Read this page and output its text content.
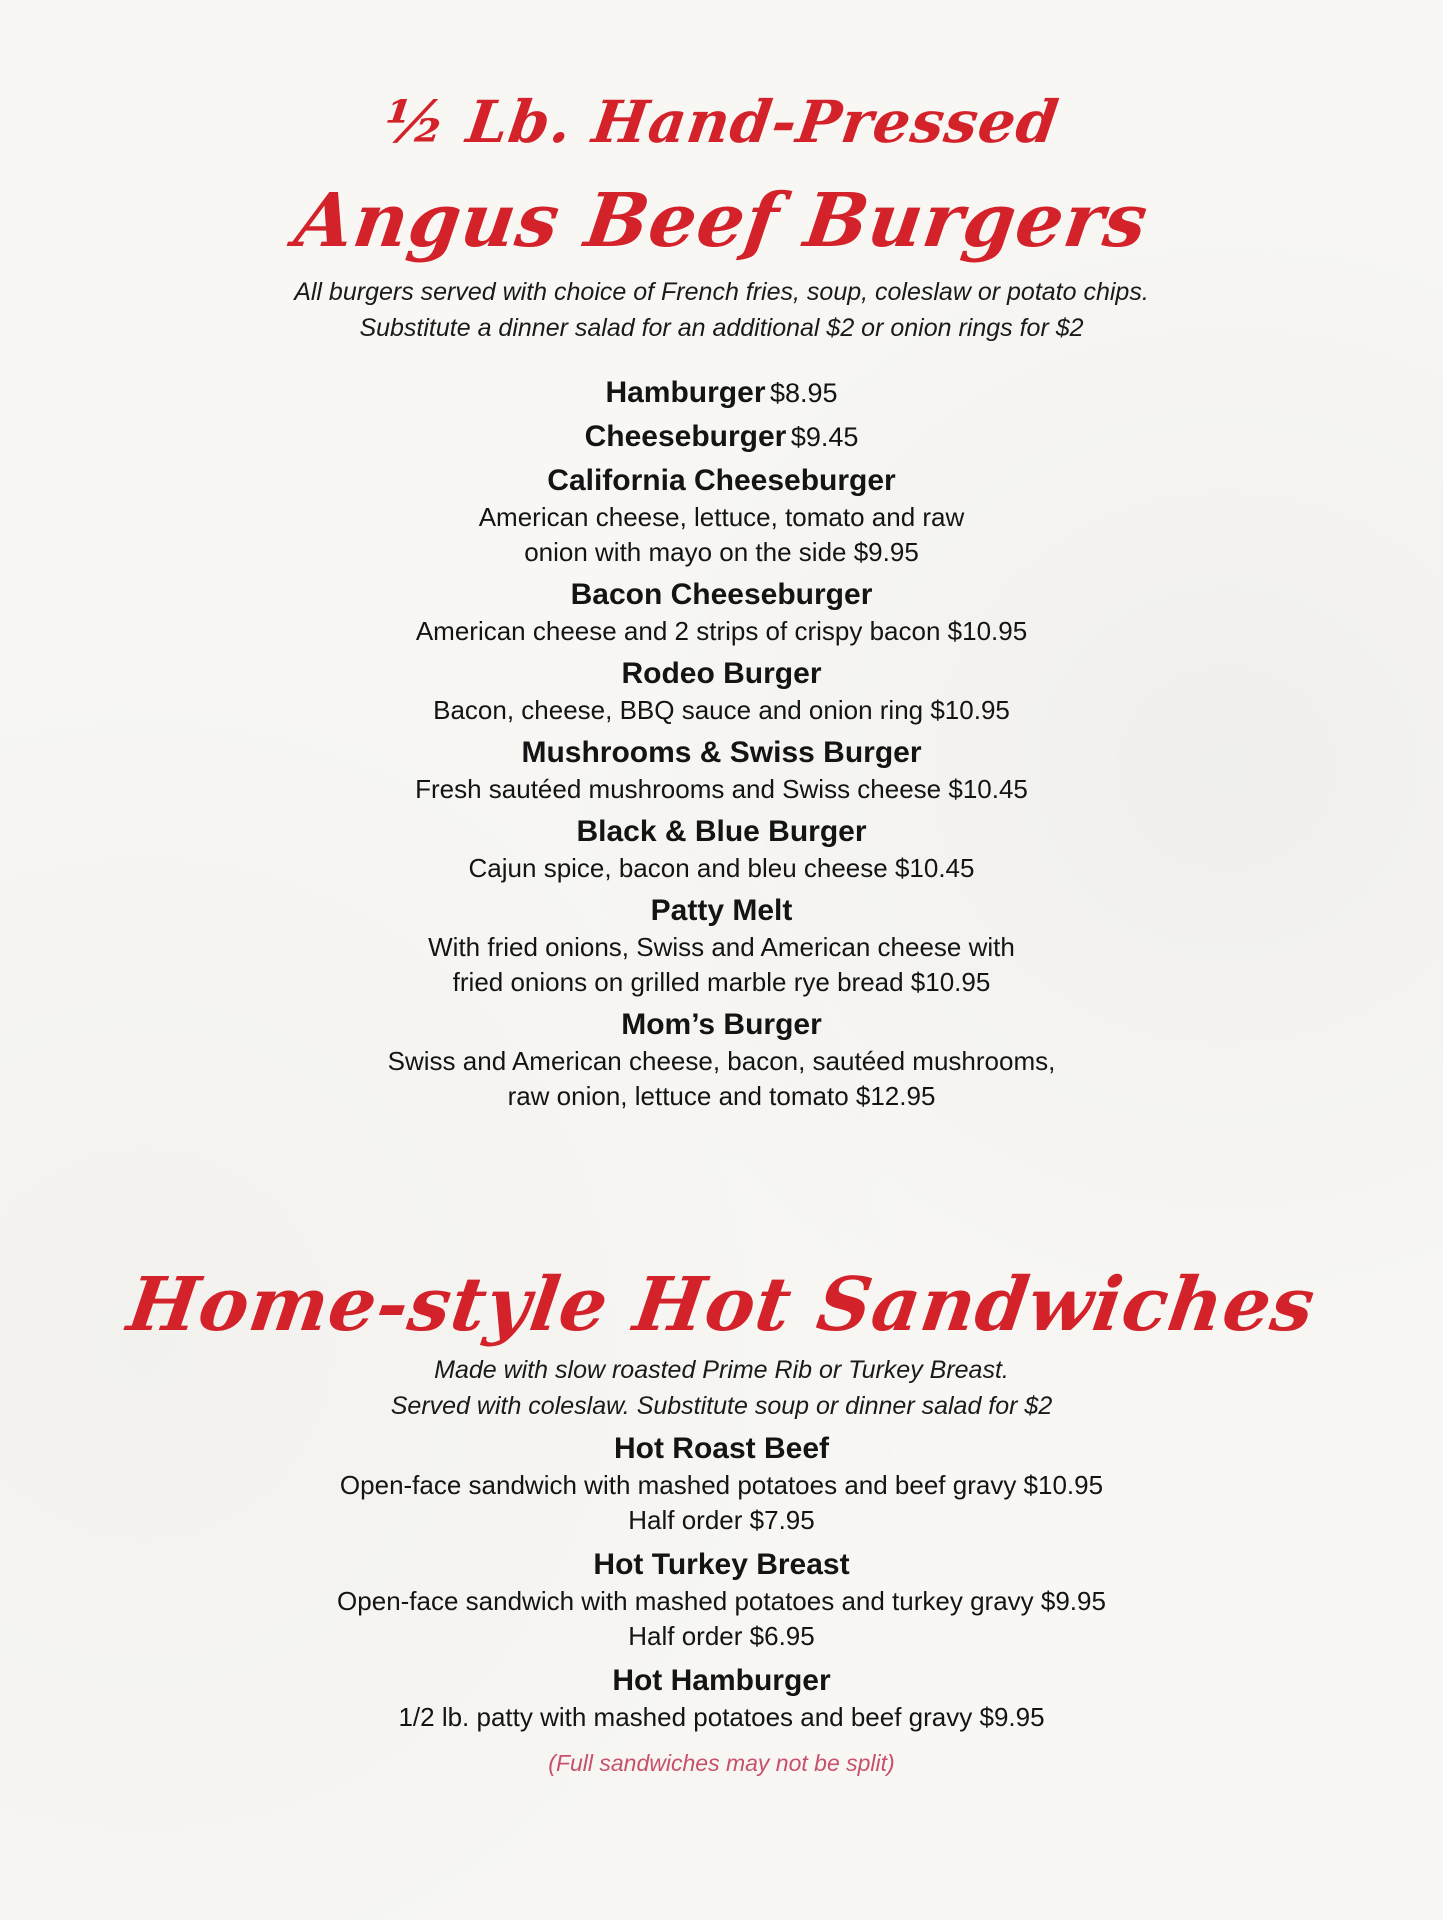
½ Lb. Hand-Pressed
Angus Beef Burgers

All burgers served with choice of French fries, soup, coleslaw or potato chips.

Substitute a dinner salad for an additional $2 or onion rings for $2

Hamburger $8.95
Cheeseburger $9.45
California Cheeseburger

American cheese, lettuce, tomato and raw

onion with mayo on the side $9.95

Bacon Cheeseburger

American cheese and 2 strips of crispy bacon $10.95

Rodeo Burger

Bacon, cheese, BBQ sauce and onion ring $10.95

Mushrooms & Swiss Burger

Fresh sautéed mushrooms and Swiss cheese $10.45

Black & Blue Burger

Cajun spice, bacon and bleu cheese $10.45

Patty Melt

With fried onions, Swiss and American cheese with

fried onions on grilled marble rye bread $10.95

Mom’s Burger

Swiss and American cheese, bacon, sautéed mushrooms,

raw onion, lettuce and tomato $12.95

Home-style Hot Sandwiches

Made with slow roasted Prime Rib or Turkey Breast.

Served with coleslaw. Substitute soup or dinner salad for $2

Hot Roast Beef

Open-face sandwich with mashed potatoes and beef gravy $10.95

Half order $7.95

Hot Turkey Breast

Open-face sandwich with mashed potatoes and turkey gravy $9.95

Half order $6.95

Hot Hamburger

1/2 lb. patty with mashed potatoes and beef gravy $9.95

(Full sandwiches may not be split)
